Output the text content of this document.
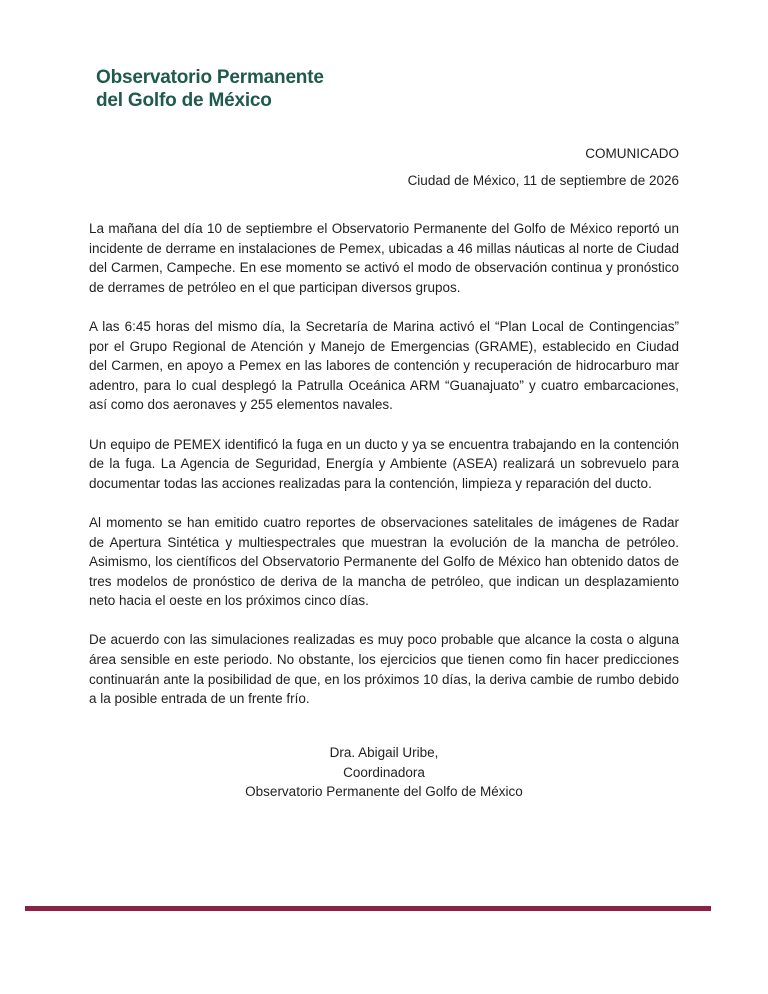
Observatorio Permanente
del Golfo de México
COMUNICADO
Ciudad de México, 11 de septiembre de 2026

La mañana del día 10 de septiembre el Observatorio Permanente del Golfo de México reportó un incidente de derrame en instalaciones de Pemex, ubicadas a 46 millas náuticas al norte de Ciudad del Carmen, Campeche. En ese momento se activó el modo de observación continua y pronóstico de derrames de petróleo en el que participan diversos grupos.

A las 6:45 horas del mismo día, la Secretaría de Marina activó el “Plan Local de Contingencias” por el Grupo Regional de Atención y Manejo de Emergencias (GRAME), establecido en Ciudad del Carmen, en apoyo a Pemex en las labores de contención y recuperación de hidrocarburo mar adentro, para lo cual desplegó la Patrulla Oceánica ARM “Guanajuato” y cuatro embarcaciones, así como dos aeronaves y 255 elementos navales.

Un equipo de PEMEX identificó la fuga en un ducto y ya se encuentra trabajando en la contención de la fuga. La Agencia de Seguridad, Energía y Ambiente (ASEA) realizará un sobrevuelo para documentar todas las acciones realizadas para la contención, limpieza y reparación del ducto.

Al momento se han emitido cuatro reportes de observaciones satelitales de imágenes de Radar de Apertura Sintética y multiespectrales que muestran la evolución de la mancha de petróleo. Asimismo, los científicos del Observatorio Permanente del Golfo de México han obtenido datos de tres modelos de pronóstico de deriva de la mancha de petróleo, que indican un desplazamiento neto hacia el oeste en los próximos cinco días.

De acuerdo con las simulaciones realizadas es muy poco probable que alcance la costa o alguna área sensible en este periodo. No obstante, los ejercicios que tienen como fin hacer predicciones continuarán ante la posibilidad de que, en los próximos 10 días, la deriva cambie de rumbo debido a la posible entrada de un frente frío.

Dra. Abigail Uribe,
Coordinadora
Observatorio Permanente del Golfo de México
